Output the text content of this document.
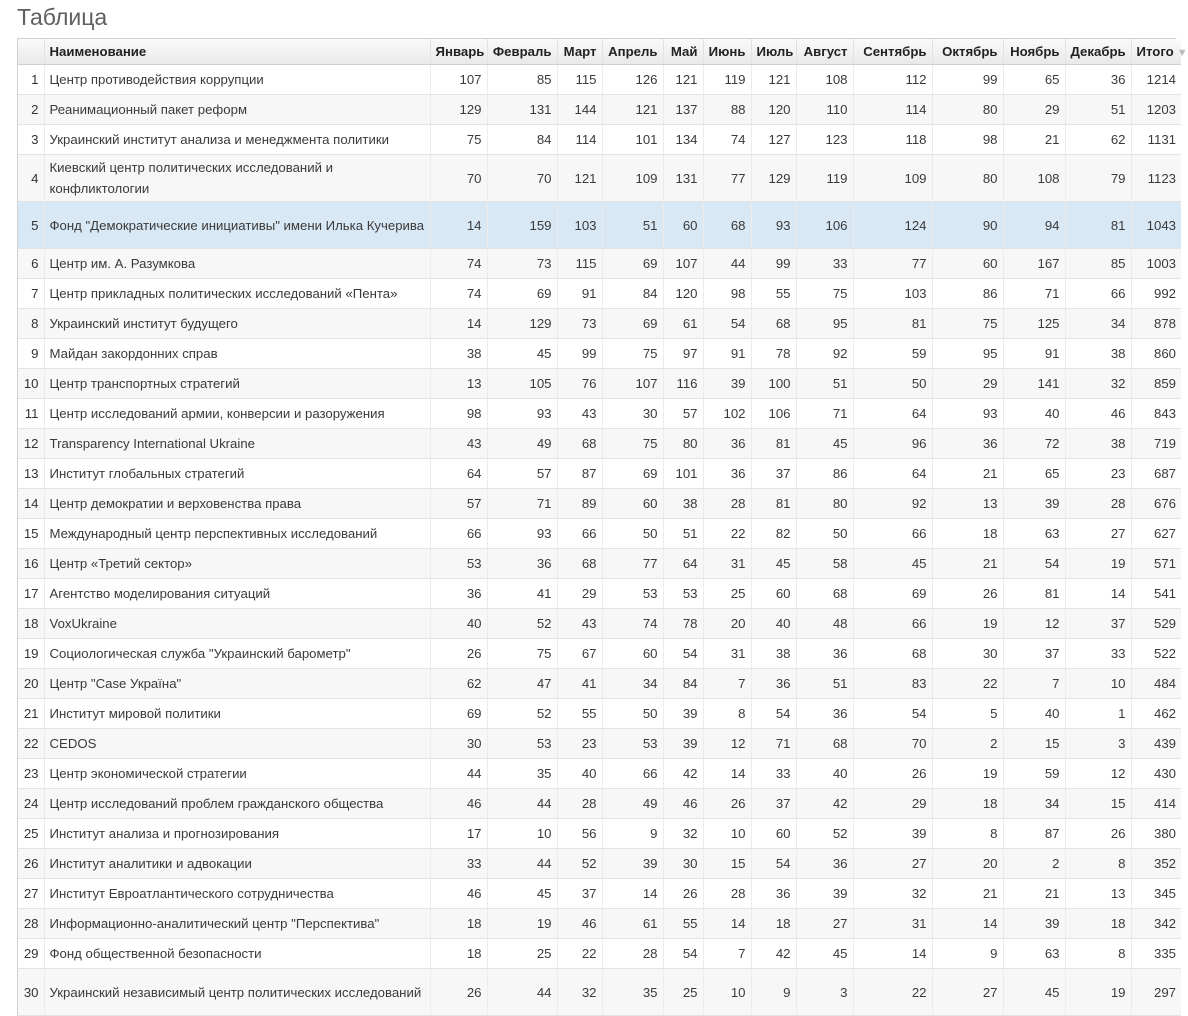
Таблица
	Наименование	Январь	Февраль	Март	Апрель	Май	Июнь	Июль	Август	Сентябрь	Октябрь	Ноябрь	Декабрь	Итого ▼
1	Центр противодействия коррупции	107	85	115	126	121	119	121	108	112	99	65	36	1214
2	Реанимационный пакет реформ	129	131	144	121	137	88	120	110	114	80	29	51	1203
3	Украинский институт анализа и менеджмента политики	75	84	114	101	134	74	127	123	118	98	21	62	1131
4	Киевский центр политических исследований и конфликтологии	70	70	121	109	131	77	129	119	109	80	108	79	1123
5	Фонд "Демократические инициативы" имени Илька Кучерива	14	159	103	51	60	68	93	106	124	90	94	81	1043
6	Центр им. А. Разумкова	74	73	115	69	107	44	99	33	77	60	167	85	1003
7	Центр прикладных политических исследований «Пента»	74	69	91	84	120	98	55	75	103	86	71	66	992
8	Украинский институт будущего	14	129	73	69	61	54	68	95	81	75	125	34	878
9	Майдан закордонних справ	38	45	99	75	97	91	78	92	59	95	91	38	860
10	Центр транспортных стратегий	13	105	76	107	116	39	100	51	50	29	141	32	859
11	Центр исследований армии, конверсии и разоружения	98	93	43	30	57	102	106	71	64	93	40	46	843
12	Transparency International Ukraine	43	49	68	75	80	36	81	45	96	36	72	38	719
13	Институт глобальных стратегий	64	57	87	69	101	36	37	86	64	21	65	23	687
14	Центр демократии и верховенства права	57	71	89	60	38	28	81	80	92	13	39	28	676
15	Международный центр перспективных исследований	66	93	66	50	51	22	82	50	66	18	63	27	627
16	Центр «Третий сектор»	53	36	68	77	64	31	45	58	45	21	54	19	571
17	Агентство моделирования ситуаций	36	41	29	53	53	25	60	68	69	26	81	14	541
18	VoxUkraine	40	52	43	74	78	20	40	48	66	19	12	37	529
19	Социологическая служба "Украинский барометр"	26	75	67	60	54	31	38	36	68	30	37	33	522
20	Центр "Case Україна"	62	47	41	34	84	7	36	51	83	22	7	10	484
21	Институт мировой политики	69	52	55	50	39	8	54	36	54	5	40	1	462
22	CEDOS	30	53	23	53	39	12	71	68	70	2	15	3	439
23	Центр экономической стратегии	44	35	40	66	42	14	33	40	26	19	59	12	430
24	Центр исследований проблем гражданского общества	46	44	28	49	46	26	37	42	29	18	34	15	414
25	Институт анализа и прогнозирования	17	10	56	9	32	10	60	52	39	8	87	26	380
26	Институт аналитики и адвокации	33	44	52	39	30	15	54	36	27	20	2	8	352
27	Институт Евроатлантического сотрудничества	46	45	37	14	26	28	36	39	32	21	21	13	345
28	Информационно-аналитический центр "Перспектива"	18	19	46	61	55	14	18	27	31	14	39	18	342
29	Фонд общественной безопасности	18	25	22	28	54	7	42	45	14	9	63	8	335
30	Украинский независимый центр политических исследований	26	44	32	35	25	10	9	3	22	27	45	19	297
